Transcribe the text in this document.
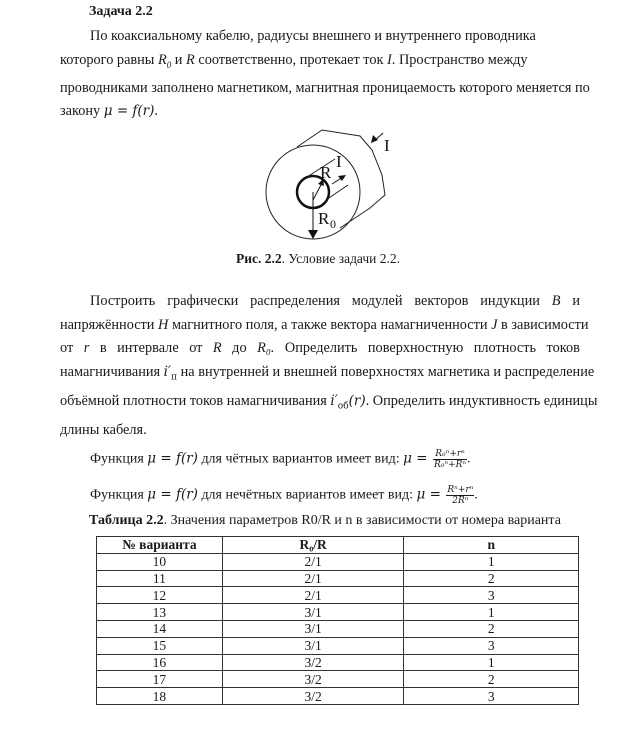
Задача 2.2
По коаксиальному кабелю, радиусы внешнего и внутреннего проводника
которого равны $R_0$ и R соответственно, протекает ток I. Пространство между
проводниками заполнено магнетиком, магнитная проницаемость которого меняется по
закону μ = f(r).
I
I
R
R 0
Рис. 2.2. Условие задачи 2.2.
Построить графически распределения модулей векторов индукции B и
напряжённости H магнитного поля, а также вектора намагниченности J в зависимости
от r в интервале от R до R₀. Определить поверхностную плотность токов
намагничивания $i'_п$ на внутренней и внешней поверхностях магнетика и распределение
объёмной плотности токов намагничивания $i'_{об}(r)$ . Определить индуктивность единицы
длины кабеля.
Функция μ = f(r) для чётных вариантов имеет вид: $\mu = \frac{\text{R₀ⁿ+rⁿ}}{\text{R₀ⁿ+Rⁿ}}$ .
Функция μ = f(r) для нечётных вариантов имеет вид: $\mu = \frac{\text{Rⁿ+rⁿ}}{\text{2Rⁿ}}$ .
Таблица 2.2. Значения параметров R0/R и n в зависимости от номера варианта
№ варианта	R₀/R	n
10	2/1	1
11	2/1	2
12	2/1	3
13	3/1	1
14	3/1	2
15	3/1	3
16	3/2	1
17	3/2	2
18	3/2	3
